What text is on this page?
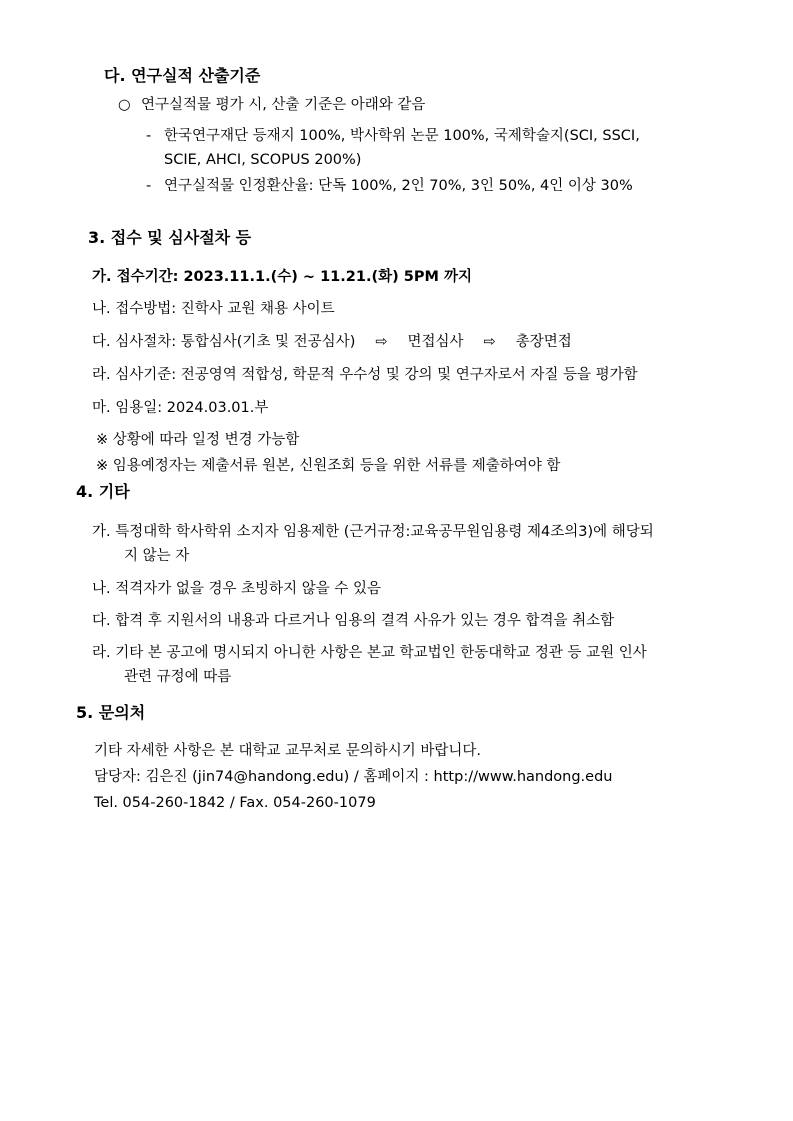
다. 연구실적 산출기준
○ 연구실적물 평가 시, 산출 기준은 아래와 같음
- 한국연구재단 등재지 100%, 박사학위 논문 100%, 국제학술지(SCI, SSCI,
SCIE, AHCI, SCOPUS 200%)
- 연구실적물 인정환산율: 단독 100%, 2인 70%, 3인 50%, 4인 이상 30%
3. 접수 및 심사절차 등
가. 접수기간: 2023.11.1.(수) ~ 11.21.(화) 5PM 까지
나. 접수방법: 진학사 교원 채용 사이트
다. 심사절차: 통합심사(기초 및 전공심사) ⇨ 면접심사 ⇨ 총장면접
라. 심사기준: 전공영역 적합성, 학문적 우수성 및 강의 및 연구자로서 자질 등을 평가함
마. 임용일: 2024.03.01.부
※ 상황에 따라 일정 변경 가능함
※ 임용예정자는 제출서류 원본, 신원조회 등을 위한 서류를 제출하여야 함
4. 기타
가. 특정대학 학사학위 소지자 임용제한 (근거규정:교육공무원임용령 제4조의3)에 해당되
지 않는 자
나. 적격자가 없을 경우 초빙하지 않을 수 있음
다. 합격 후 지원서의 내용과 다르거나 임용의 결격 사유가 있는 경우 합격을 취소함
라. 기타 본 공고에 명시되지 아니한 사항은 본교 학교법인 한동대학교 정관 등 교원 인사
관련 규정에 따름
5. 문의처
기타 자세한 사항은 본 대학교 교무처로 문의하시기 바랍니다.
담당자: 김은진 (jin74@handong.edu) / 홈페이지 : http://www.handong.edu
Tel. 054-260-1842 / Fax. 054-260-1079
